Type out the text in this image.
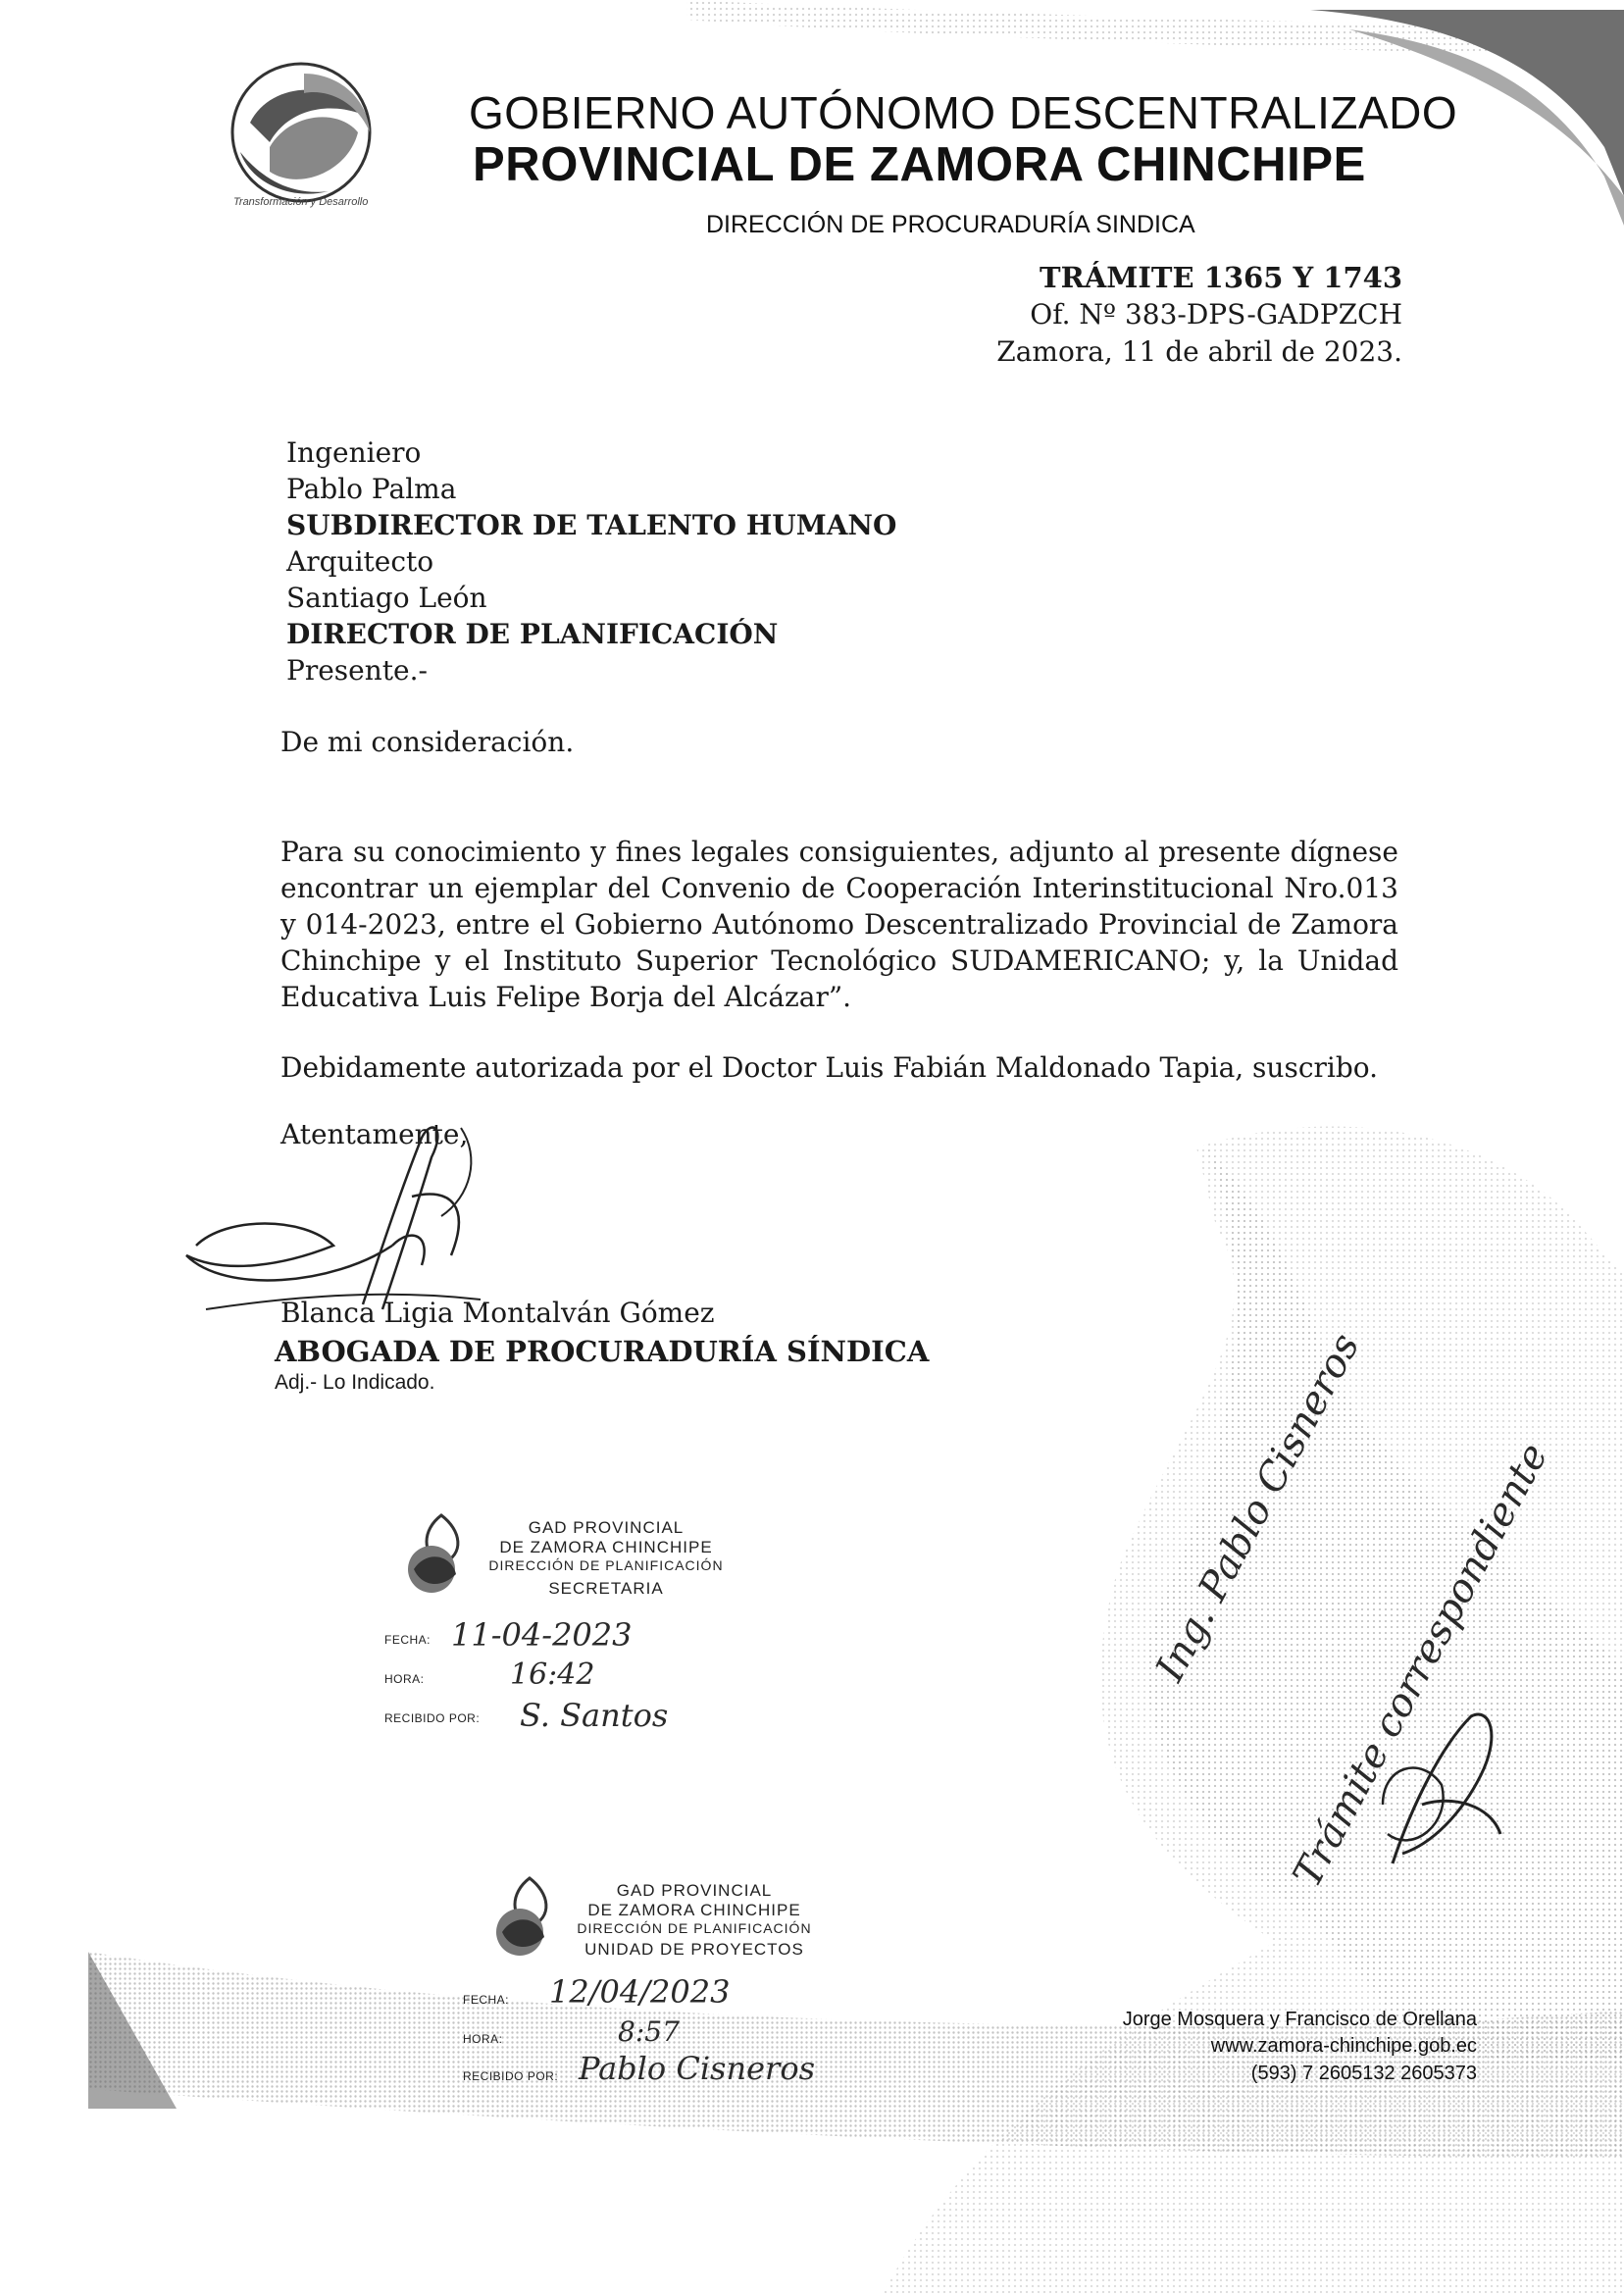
Transformación y Desarrollo
GOBIERNO AUTÓNOMO DESCENTRALIZADO
PROVINCIAL DE ZAMORA CHINCHIPE
DIRECCIÓN DE PROCURADURÍA SINDICA
TRÁMITE 1365 Y 1743
Of. Nº 383-DPS-GADPZCH
Zamora, 11 de abril de 2023.
Ingeniero
Pablo Palma
SUBDIRECTOR DE TALENTO HUMANO
Arquitecto
Santiago León
DIRECTOR DE PLANIFICACIÓN
Presente.-
De mi consideración.
Para su conocimiento y fines legales consiguientes, adjunto al presente dígnese encontrar un ejemplar del Convenio de Cooperación Interinstitucional Nro.013 y 014-2023, entre el Gobierno Autónomo Descentralizado Provincial de Zamora Chinchipe y el Instituto Superior Tecnológico SUDAMERICANO; y, la Unidad Educativa Luis Felipe Borja del Alcázar”.
Debidamente autorizada por el Doctor Luis Fabián Maldonado Tapia, suscribo.
Atentamente,
Blanca Ligia Montalván Gómez
ABOGADA DE PROCURADURÍA SÍNDICA
Adj.- Lo Indicado.
GAD PROVINCIAL
DE ZAMORA CHINCHIPE
DIRECCIÓN DE PLANIFICACIÓN
SECRETARIA
FECHA:
HORA:
RECIBIDO POR:
11-04-2023
16:42
S. Santos
GAD PROVINCIAL
DE ZAMORA CHINCHIPE
DIRECCIÓN DE PLANIFICACIÓN
UNIDAD DE PROYECTOS
FECHA:
HORA:
RECIBIDO POR:
12/04/2023
8:57
Pablo Cisneros
Ing. Pablo Cisneros
Trámite correspondiente
Jorge Mosquera y Francisco de Orellana
www.zamora-chinchipe.gob.ec
(593) 7 2605132 2605373
